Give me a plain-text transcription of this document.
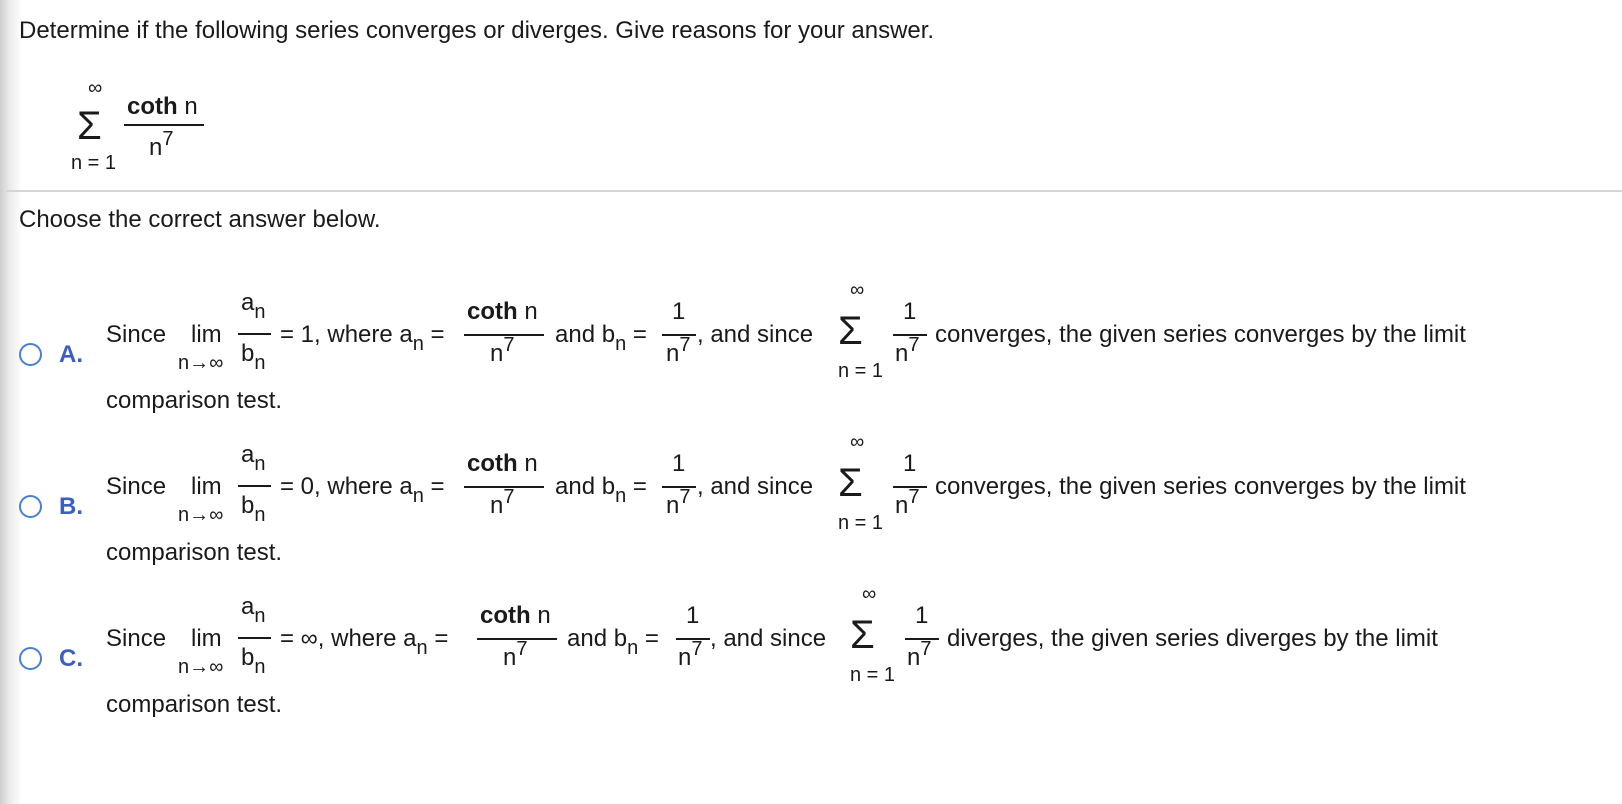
Determine if the following series converges or diverges. Give reasons for your answer.
∞
Σ
n = 1
coth n
$n^7$
Choose the correct answer below.
A.
Since lim
n→∞
$a_n$
$b_n$
= 1, where $a_n$ =
coth n
$n^7$ and $b_n$ =
1
$n^7$ , and since
∞
Σ
n = 1
1
$n^7$ converges, the given series converges by the limit
comparison test.
B.
Since lim
n→∞
$a_n$
$b_n$
= 0, where $a_n$ =
coth n
$n^7$ and $b_n$ =
1
$n^7$ , and since
∞
Σ
n = 1
1
$n^7$ converges, the given series converges by the limit
comparison test.
C.
Since lim
n→∞
$a_n$
$b_n$
= ∞, where $a_n$ =
coth n
$n^7$ and $b_n$ =
1
$n^7$ , and since
∞
Σ
n = 1
1
$n^7$ diverges, the given series diverges by the limit
comparison test.
